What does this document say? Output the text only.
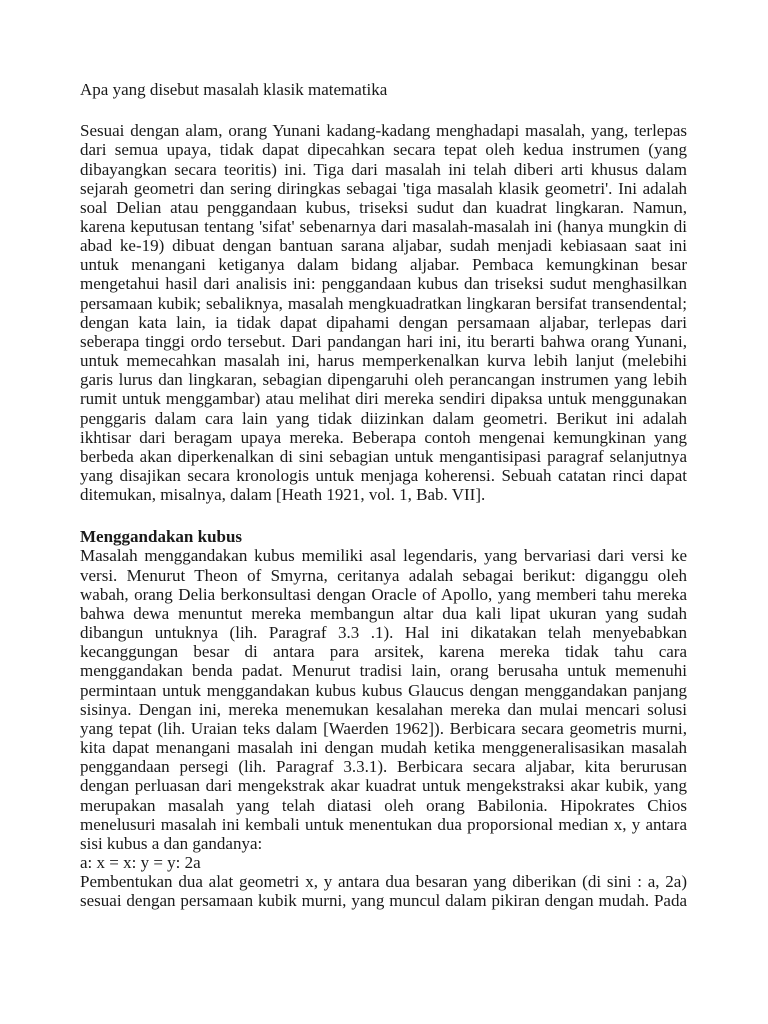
Apa yang disebut masalah klasik matematika
Sesuai dengan alam, orang Yunani kadang-kadang menghadapi masalah, yang, terlepas
dari semua upaya, tidak dapat dipecahkan secara tepat oleh kedua instrumen (yang
dibayangkan secara teoritis) ini. Tiga dari masalah ini telah diberi arti khusus dalam
sejarah geometri dan sering diringkas sebagai 'tiga masalah klasik geometri'. Ini adalah
soal Delian atau penggandaan kubus, triseksi sudut dan kuadrat lingkaran. Namun,
karena keputusan tentang 'sifat' sebenarnya dari masalah-masalah ini (hanya mungkin di
abad ke-19) dibuat dengan bantuan sarana aljabar, sudah menjadi kebiasaan saat ini
untuk menangani ketiganya dalam bidang aljabar. Pembaca kemungkinan besar
mengetahui hasil dari analisis ini: penggandaan kubus dan triseksi sudut menghasilkan
persamaan kubik; sebaliknya, masalah mengkuadratkan lingkaran bersifat transendental;
dengan kata lain, ia tidak dapat dipahami dengan persamaan aljabar, terlepas dari
seberapa tinggi ordo tersebut. Dari pandangan hari ini, itu berarti bahwa orang Yunani,
untuk memecahkan masalah ini, harus memperkenalkan kurva lebih lanjut (melebihi
garis lurus dan lingkaran, sebagian dipengaruhi oleh perancangan instrumen yang lebih
rumit untuk menggambar) atau melihat diri mereka sendiri dipaksa untuk menggunakan
penggaris dalam cara lain yang tidak diizinkan dalam geometri. Berikut ini adalah
ikhtisar dari beragam upaya mereka. Beberapa contoh mengenai kemungkinan yang
berbeda akan diperkenalkan di sini sebagian untuk mengantisipasi paragraf selanjutnya
yang disajikan secara kronologis untuk menjaga koherensi. Sebuah catatan rinci dapat
ditemukan, misalnya, dalam [Heath 1921, vol. 1, Bab. VII].
Menggandakan kubus
Masalah menggandakan kubus memiliki asal legendaris, yang bervariasi dari versi ke
versi. Menurut Theon of Smyrna, ceritanya adalah sebagai berikut: diganggu oleh
wabah, orang Delia berkonsultasi dengan Oracle of Apollo, yang memberi tahu mereka
bahwa dewa menuntut mereka membangun altar dua kali lipat ukuran yang sudah
dibangun untuknya (lih. Paragraf 3.3 .1). Hal ini dikatakan telah menyebabkan
kecanggungan besar di antara para arsitek, karena mereka tidak tahu cara
menggandakan benda padat. Menurut tradisi lain, orang berusaha untuk memenuhi
permintaan untuk menggandakan kubus kubus Glaucus dengan menggandakan panjang
sisinya. Dengan ini, mereka menemukan kesalahan mereka dan mulai mencari solusi
yang tepat (lih. Uraian teks dalam [Waerden 1962]). Berbicara secara geometris murni,
kita dapat menangani masalah ini dengan mudah ketika menggeneralisasikan masalah
penggandaan persegi (lih. Paragraf 3.3.1). Berbicara secara aljabar, kita berurusan
dengan perluasan dari mengekstrak akar kuadrat untuk mengekstraksi akar kubik, yang
merupakan masalah yang telah diatasi oleh orang Babilonia. Hipokrates Chios
menelusuri masalah ini kembali untuk menentukan dua proporsional median x, y antara
sisi kubus a dan gandanya:
a: x = x: y = y: 2a
Pembentukan dua alat geometri x, y antara dua besaran yang diberikan (di sini : a, 2a)
sesuai dengan persamaan kubik murni, yang muncul dalam pikiran dengan mudah. Pada
